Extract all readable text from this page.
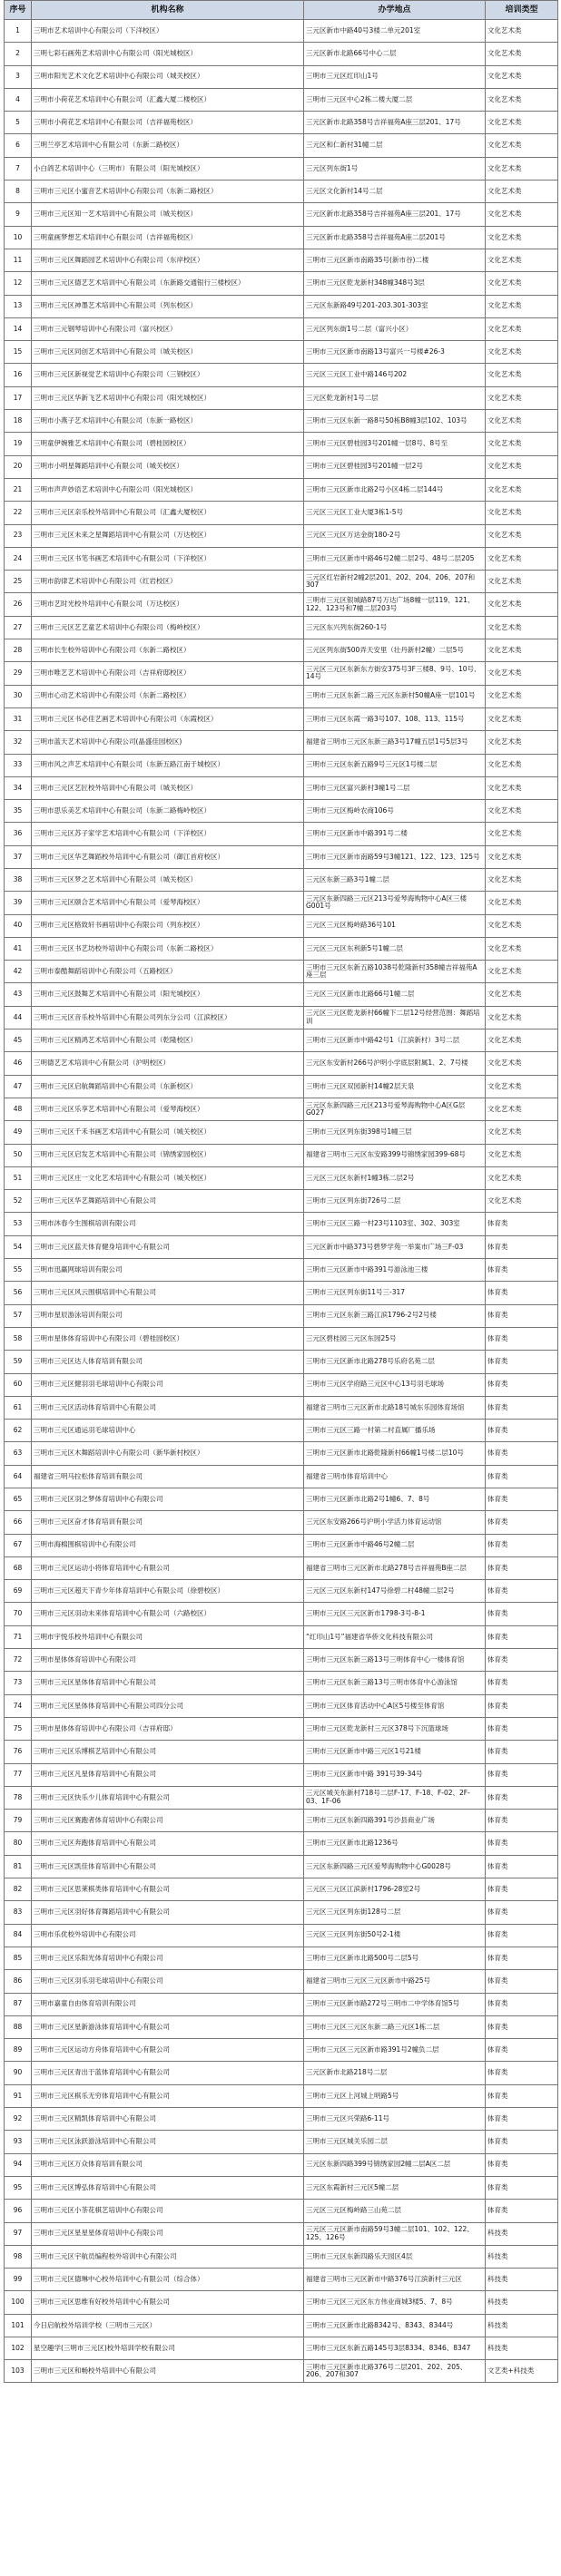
序号	机构名称	办学地点	培训类型
1	三明市艺术培训中心有限公司（下洋校区）	三元区新市中路40号3楼二单元201室	文化艺术类
2	三明七彩石画苑艺术培训中心有限公司（阳光城校区）	三元区新市北路66号中心二层	文化艺术类
3	三明市阳光艺术文化艺术培训中心有限公司（城关校区）	三明市三元区红印山1号	文化艺术类
4	三明市小荷花艺术培训中心有限公司（汇鑫大厦二楼校区）	三明市三元区中心2栋二楼大厦二层	文化艺术类
5	三明市小荷花艺术培训中心有限公司（吉祥福苑校区）	三元区新市北路358号吉祥福苑A座三层201、17号	文化艺术类
6	三明兰亭艺术培训中心有限公司（东新二路校区）	三元区和仁新村31幢二层	文化艺术类
7	小白鸽艺术培训中心（三明市）有限公司（阳光城校区）	三元区列东街1号	文化艺术类
8	三明市三元区小蜜音艺术培训中心有限公司（东新二路校区）	三元区文化新村14号二层	文化艺术类
9	三明市三元区知一艺术培训中心有限公司（城关校区）	三元区新市北路358号吉祥福苑A座三层201、17号	文化艺术类
10	三明童画梦想艺术培训中心有限公司（吉祥福苑校区）	三元区新市北路358号吉祥福苑A座二层201号	文化艺术类
11	三明市三元区舞蹈园艺术培训中心有限公司（东岸校区）	三明市三元区新市南路35号(新市谷)二楼	文化艺术类
12	三明市三元区德艺艺术培训中心有限公司（东新路交通银行三楼校区）	三明市三元区乾龙新村348幢348号3层	文化艺术类
13	三明市三元区神墨艺术培训中心有限公司（列东校区）	三元区东新路49号201-203.301-303室	文化艺术类
14	三明市三元钢琴培训中心有限公司（富兴校区）	三元区列东街1号二层（富兴小区）	文化艺术类
15	三明市三元区同创艺术培训中心有限公司（城关校区）	三明市三元区新市南路13号富兴一号楼#26-3	文化艺术类
16	三明市三元区新视觉艺术培训中心有限公司（三钢校区）	三元区三元区工业中路146号202	文化艺术类
17	三明市三元区华新飞艺术培训中心有限公司（阳光城校区）	三元区乾龙新村1号二层	文化艺术类
18	三明市小燕子艺术培训中心有限公司（东新一路校区）	三明市三元区东新一路8号50栋B8幢3层102、103号	文化艺术类
19	三明童伊婉雅艺术培训中心有限公司（碧桂园校区）	三明市三元区碧桂园3号201幢一层8号、8号至	文化艺术类
20	三明市小明星舞蹈培训中心有限公司（城关校区）	三明市三元区碧桂园3号201幢一层2号	文化艺术类
21	三明市声声妙语艺术培训中心有限公司（阳光城校区）	三明市三元区新市北路2号小区4栋二层144号	文化艺术类
22	三明市三元区亲乐校外培训中心有限公司（汇鑫大厦校区）	三元区三元区工业大厦3栋1-5号	文化艺术类
23	三明市三元区未来之星舞蹈培训中心有限公司（万达校区）	三元区三元区万达金街180-2号	文化艺术类
24	三明市三元区书笔书画艺术培训中心有限公司（下洋校区）	三明市三元区新市中路46号2幢二层2号、48号二层205	文化艺术类
25	三明市韵律艺术培训中心有限公司（红岩校区）	三元区红岩新村2幢2层201、202、204、206、207和307	文化艺术类
26	三明市艺时光校外培训中心有限公司（万达校区）	三明市三元区银城路87号万达广场8幢一层119、121、122、123号和7幢二层203号	文化艺术类
27	三明市三元区艺艺童艺术培训中心有限公司（梅岭校区）	三元区东兴列东街260-1号	文化艺术类
28	三明市长生校外培训中心有限公司（东新二路校区）	三元区列东街500弄天安里（壮丹新村2幢）二层5号	文化艺术类
29	三明市唯艺艺术培训中心有限公司（吉祥府邸校区）	三元区三元区东新东方街安375号3F三楼8、9号、10号、14号	文化艺术类
30	三明市心动艺术培训中心有限公司（东新二路校区）	三明市三元区东新二路三元区东新村50幢A座一层101号	文化艺术类
31	三明市三元区书必佳艺画艺术培训中心有限公司（东霞校区）	三明市三元区东霞一路3号107、108、113、115号	文化艺术类
32	三明市蓝天艺术培训中心有限公司(晶盛佳园校区)	福建省三明市三元区东新三路3号17幢五层1号5层3号	文化艺术类
33	三明市风之声艺术培训中心有限公司（东新五路江南于城校区）	三明市三元区东新五路9号三元区1号楼二层	文化艺术类
34	三明市三元区艺匠校外培训中心有限公司（城关校区）	三明市三元区富兴新村3幢1号二层	文化艺术类
35	三明市思乐美艺术培训中心有限公司（东新二路梅岭校区）	三明市三元区梅岭农商106号	文化艺术类
36	三明市三元区苏子家学艺术培训中心有限公司（下洋校区）	三明市三元区新市中路391号二楼	文化艺术类
37	三明市三元区华艺舞蹈校外培训中心有限公司（御江首府校区）	三明市三元区新市南路59号3幢121、122、123、125号	文化艺术类
38	三明市三元区梦之艺术培训中心有限公司（城关校区）	三元区东新三路3号1幢二层	文化艺术类
39	三明市三元区颐合艺术培训中心有限公司（爱琴海校区）	三元区东新四路三元区213号爱琴海购物中心A区三楼G001号	文化艺术类
40	三明市三元区格致轩书画培训中心有限公司（列东校区）	三元区三元区梅岭路36号101	文化艺术类
41	三明市三元区书艺坊校外培训中心有限公司（东新二路校区）	三元区三元区东利新5号1幢二层	文化艺术类
42	三明市泰酷舞蹈培训中心有限公司（五路校区）	三明市三元区东新五路1038号乾隆新村358幢吉祥福苑A座三层	文化艺术类
43	三明市三元区鼓舞艺术培训中心有限公司（阳光城校区）	三元区三元区新市北路66号1幢二层	文化艺术类
44	三明市三元区音乐校外培训中心有限公司列东分公司（江滨校区）	三元区三元区乾龙新村66幢下二层12号经营范围：舞蹈培训	文化艺术类
45	三明市三元区精鸿艺术培训中心有限公司（乾隆校区）	三明市三元区新市中路42号1（江滨新村）3号二层	文化艺术类
46	三明德艺艺术培训中心有限公司（沪明校区）	三元区东安新村266号沪明小学底层附属1、2、7号楼	文化艺术类
47	三明市三元区启航舞蹈培训中心有限公司（东新校区）	三明市三元区双园新村14幢2层天泉	文化艺术类
48	三明市三元区乐享艺术培训中心有限公司（爱琴海校区）	三元区东新四路三元区213号爱琴海购物中心A区G层G027	文化艺术类
49	三明市三元区千禾书画艺术培训中心有限公司（城关校区）	三明市三元区列东街398号1幢三层	文化艺术类
50	三明市三元区启发艺术培训中心有限公司（锦绣家园校区）	福建省三明市三元区东安路399号锦绣家园399-68号	文化艺术类
51	三明市三元区庄一文化艺术培训中心有限公司（城关校区）	三元区三元区东新村1幢3栋二层2号	文化艺术类
52	三明市三元区华艺舞蹈培训中心有限公司	三明市三元区列东街726号二层	文化艺术类
53	三明市沐春今生围棋培训有限公司	三明市三元区三路一村23号1103室、302、303室	体育类
54	三明市三元区蓝天体育健身培训中心有限公司	三元区新市中路373号碧梦学苑一举案市广场三F-03	体育类
55	三明市迅赢网球培训有限公司	三明市三元区新市中路391号游泳池三楼	体育类
56	三明市三元区风云围棋培训中心有限公司	三明市三元区列东街11号三-317	体育类
57	三明市星辰游泳培训有限公司	三明市三元区东新三路江滨1796-2号2号楼	体育类
58	三明市星体体育培训中心有限公司（碧桂园校区）	三元区碧桂园三元区东园25号	体育类
59	三明市三元区达人体育培训有限公司	三明市三元区新市北路278号乐府名苑二层	体育类
60	三明市三元区健羽羽毛球培训中心有限公司	三明市三元区学府路三元区中心13号羽毛球场	体育类
61	三明市三元区活动体育培训中心有限公司	福建省三明市三元区新市北路18号城东乐园体育场馆	体育类
62	三明市三元区通运羽毛球培训中心	三明市三元区三路一村第二村直属厂播乐场	体育类
63	三明市三元区木舞蹈培训中心有限公司（新华新村校区）	三明市三元区新市北路乾隆新村66幢1号楼二层10号	体育类
64	福建省三明马拉松体育培训有限公司	福建省三明市体育培训中心	体育类
65	三明市三元区羽之梦体育培训中心有限公司	三明市三元区新市北路2号1幢6、7、8号	体育类
66	三明市三元区奋才体育培训有限公司	三元区东安路266号沪明小学活力体育运动馆	体育类
67	三明市海棉围棋培训中心有限公司	三明市三元区新市中路46号2幢二层	体育类
68	三明市三元区运动小将体育培训中心有限公司	福建省三明市三元区新市北路278号吉祥福苑B座二层	体育类
69	三明市三元区超天下青少年体育培训中心有限公司（徐碧校区）	三元区三元区东新村147号徐碧二村48幢二层2号	体育类
70	三明市三元区羽动未来体育培训中心有限公司（六路校区）	三明市三元区三元区新市1798-3号-8-1	体育类
71	三明市宇悦乐校外培训中心有限公司	“红印山1号”福建省华侨文化科技有限公司	体育类
72	三明市星体体育培训中心有限公司	三明市三元区东新三路13号三明体育中心一楼体育馆	体育类
73	三明市三元区星体体育培训中心有限公司	三明市三元区东新三路13号三明市体育中心游泳馆	体育类
74	三明市三元区星体体育培训中心有限公司四分公司	三明市三元区体育活动中心A区5号楼至体育馆	体育类
75	三明市星体体育培训中心有限公司（吉祥府邸）	三明市三元区乾龙新村三元区378号下沉篮球场	体育类
76	三明市三元区乐博棋艺培训中心有限公司	三明市三元区新市中路三元区1号21楼	体育类
77	三明市三元区凡星体育培训中心有限公司	三明市三元区新市中路 391号39-34号	体育类
78	三明市三元区快乐少儿体育培训中心有限公司	三元区城关东新村718号二层F-17、F-18、F-02、2F-03、1F-06	体育类
79	三明市三元区赛跑者体育培训中心有限公司	三明市三元区东新四路391号沙县商业广场	体育类
80	三明市三元区奔跑体育培训中心有限公司	三明市三元区新市北路1236号	体育类
81	三明市三元区凯佳体育培训中心有限公司	三元区东新四路三元区爱琴海购物中心G0028号	体育类
82	三明市三元区思莱棋类体育培训中心有限公司	三元区三元区江滨新村1796-28室2号	体育类
83	三明市三元区羽好体育舞蹈培训中心有限公司	三元区三元区列东街128号二层	体育类
84	三明市乐优校外培训中心有限公司	三元区三元区列东街50号2-1楼	体育类
85	三明市三元区乐阳光体育培训中心有限公司	三明市三元区新市北路500号二层5号	体育类
86	三明市三元区羽乐羽毛球培训中心有限公司	福建省三明市三元区三元区新市中路25号	体育类
87	三明市嘉童自由体育培训有限公司	三明市三元区新市路272号三明市二中学体育馆5号	体育类
88	三明市三元区星新游泳体育培训中心有限公司	三明市三元区三元区东新二路三元区1栋二层	体育类
89	三明市三元区运动方舟体育培训中心有限公司	三明市三元区三元区新市路391号2幢负二层	体育类
90	三明市三元区青出于蓝体育培训中心有限公司	三元区新市北路218号二层	体育类
91	三明市三元区棋乐无穷体育培训中心有限公司	三明市三元区上河城上明路5号	体育类
92	三明市三元区精凯体育培训中心有限公司	三明市三元区兴荣路6-11号	体育类
93	三明市三元区泳跃游泳培训中心有限公司	三明市三元区城关乐园二层	体育类
94	三明市三元区万众体育培训有限公司	三元区东新四路399号锦绣家园2幢二层A区二层	体育类
95	三明市三元区博弘体育培训中心有限公司	三元区东霞新村三元区5幢二层	体育类
96	三明市三元区小茶花棋艺培训中心有限公司	三元区三元区梅岭路三山苑二层	体育类
97	三明市三元区星星星体育培训中心有限公司	三元区三元区新市南路59号3幢二层101、102、122、125、126号	科技类
98	三明市三元区宇航员编程校外培训中心有限公司	三明市三元区东新四路乐天园区4层	科技类
99	三明市三元区德琳中心校外培训中心有限公司（综合体）	福建省三明市三元区新市中路376号江滨新村三元区	科技类
100	三明市三元区思维有好校外培训中心有限公司	三明市三元区三元区东方伟业商城3楼5、7、8号	科技类
101	今日启航校外培训学校（三明市三元区）	三明市三元区新市北路8342号、8343、8344号	科技类
102	星空趣学(三明市三元区)校外培训学校有限公司	三明市三元区东新五路145号3层8334、8346、8347	科技类
103	三明市三元区和畅校外培训中心有限公司	三明市三元区新市北路376号二层201、202、205、206、207和307	文艺类+科技类
